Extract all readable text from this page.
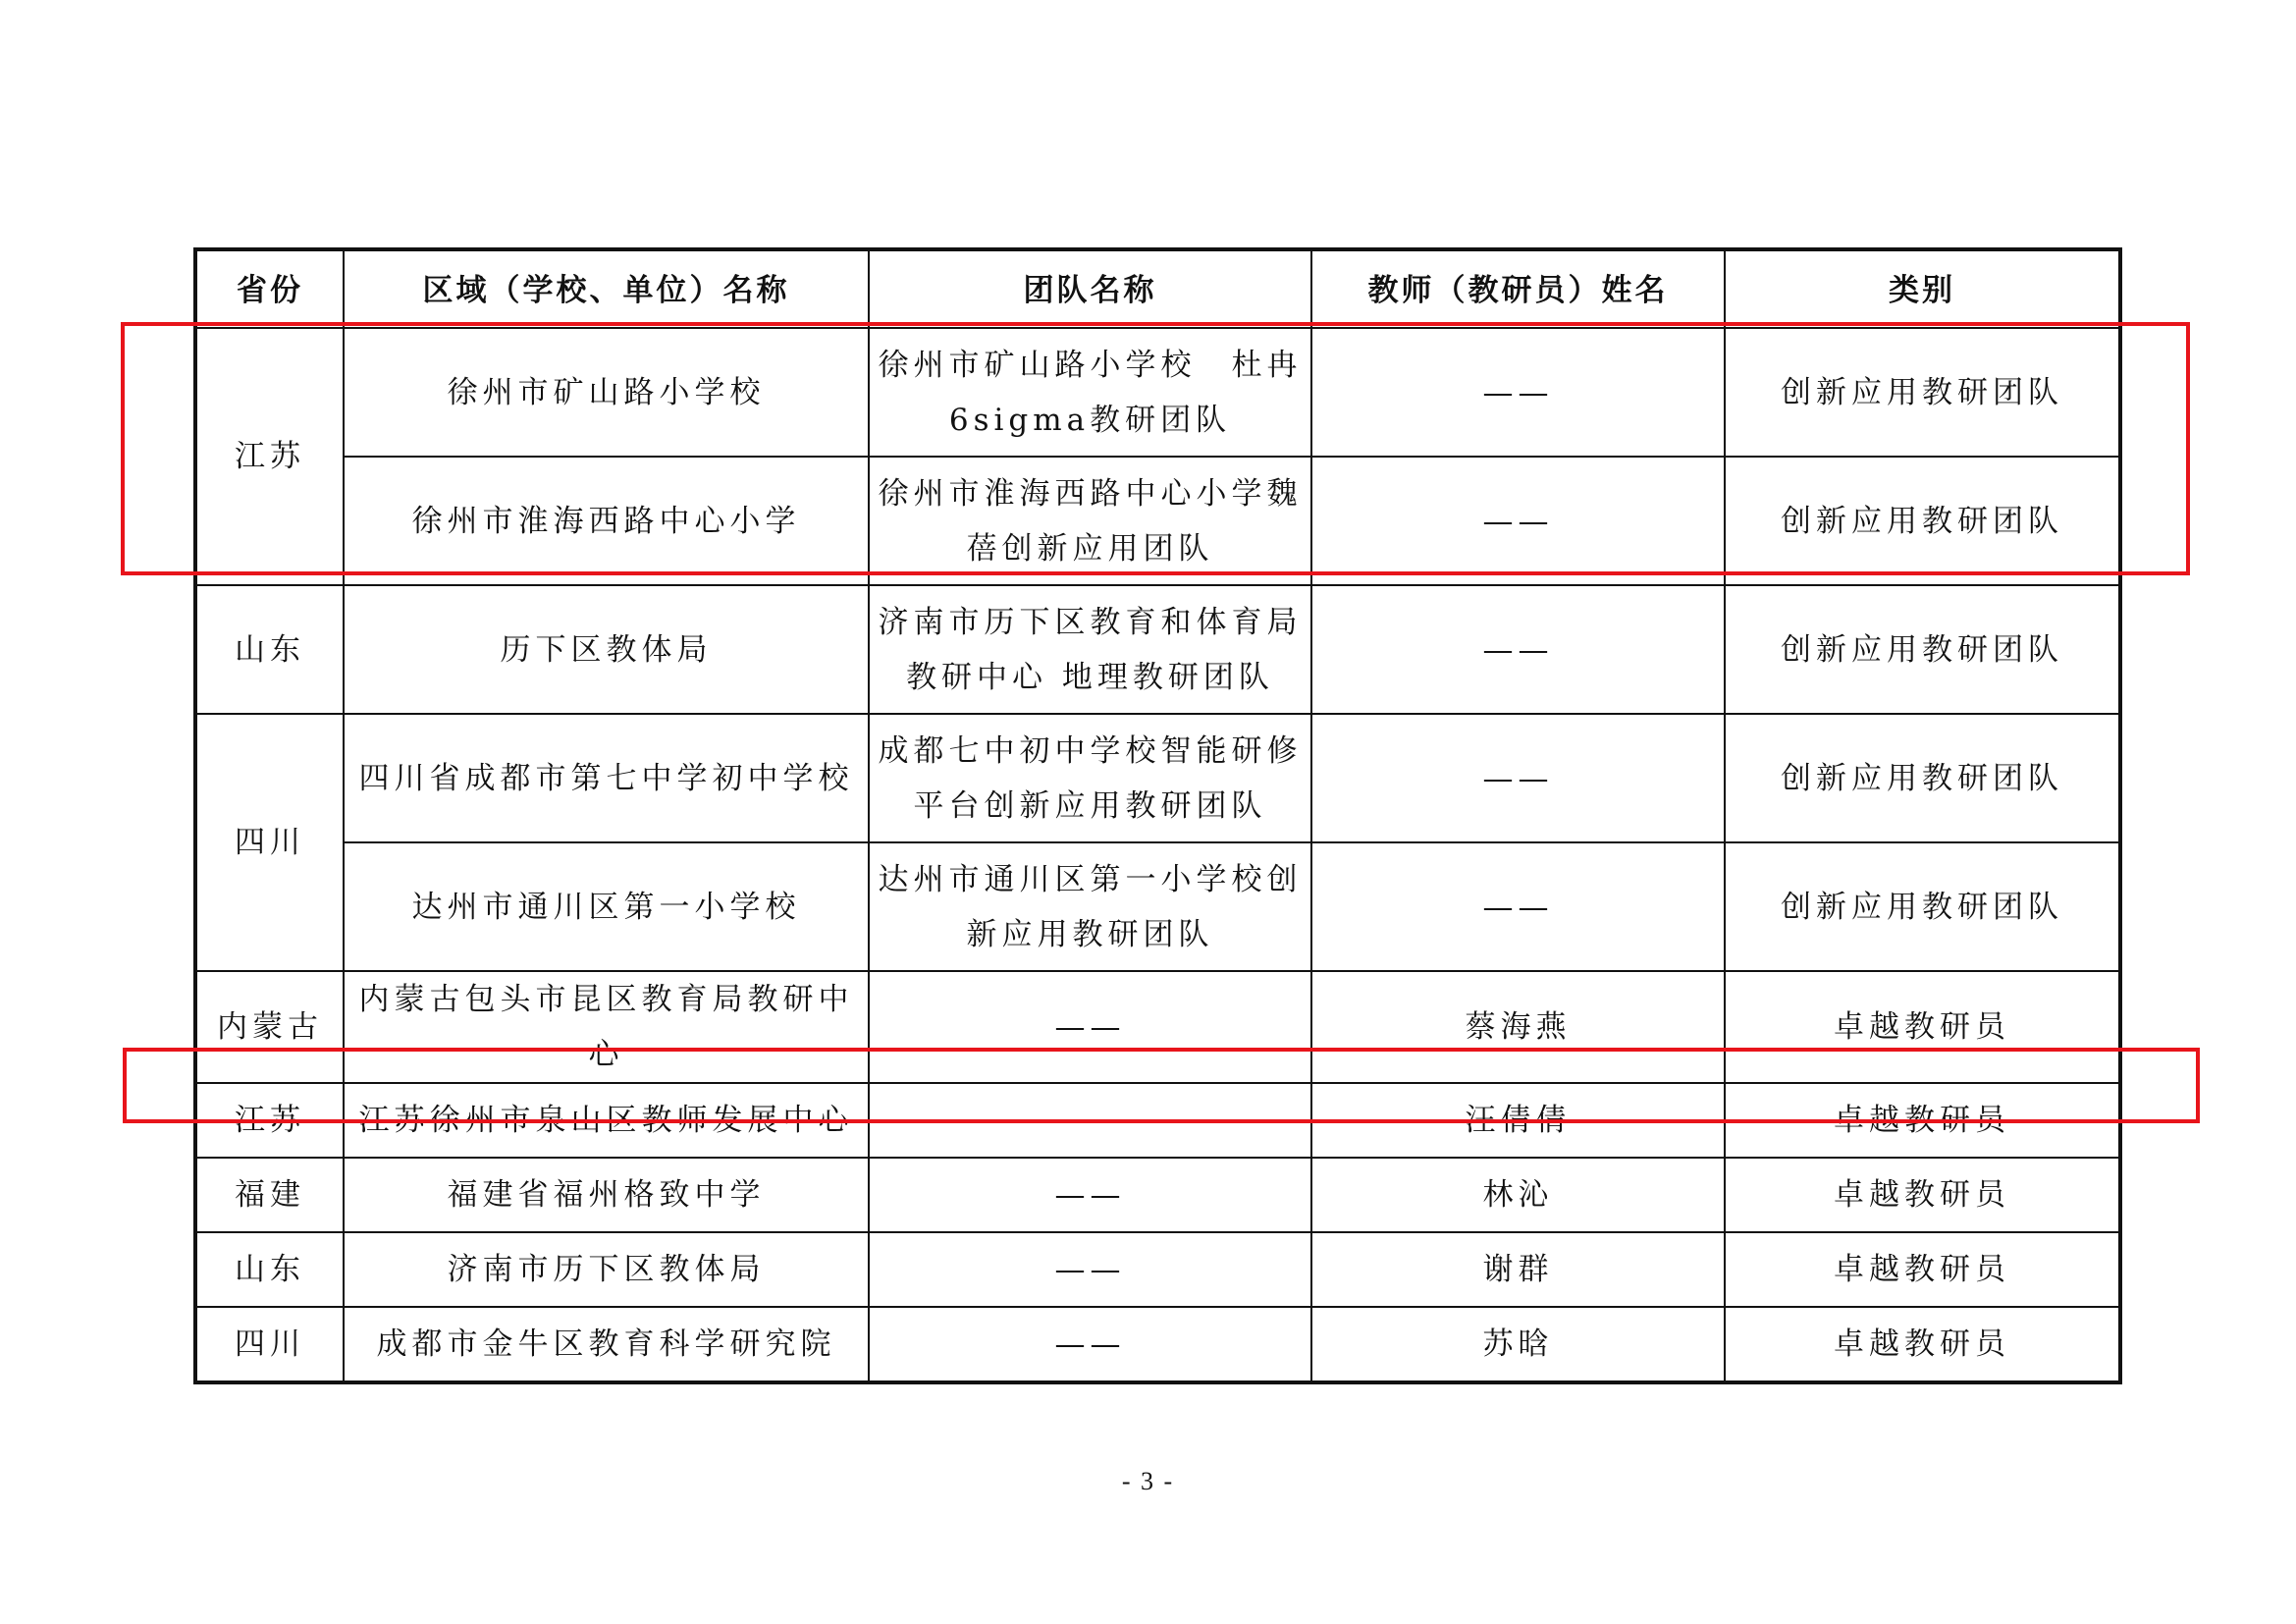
省份	区域（学校、单位）名称	团队名称	教师（教研员）姓名	类别
江苏	徐州市矿山路小学校	徐州市矿山路小学校　杜冉6sigma教研团队	——	创新应用教研团队
	徐州市淮海西路中心小学	徐州市淮海西路中心小学魏蓓创新应用团队	——	创新应用教研团队
山东	历下区教体局	济南市历下区教育和体育局教研中心 地理教研团队	——	创新应用教研团队
四川	四川省成都市第七中学初中学校	成都七中初中学校智能研修平台创新应用教研团队	——	创新应用教研团队
	达州市通川区第一小学校	达州市通川区第一小学校创新应用教研团队	——	创新应用教研团队
内蒙古	内蒙古包头市昆区教育局教研中心	——	蔡海燕	卓越教研员
江苏	江苏徐州市泉山区教师发展中心	——	汪倩倩	卓越教研员
福建	福建省福州格致中学	——	林沁	卓越教研员
山东	济南市历下区教体局	——	谢群	卓越教研员
四川	成都市金牛区教育科学研究院	——	苏晗	卓越教研员
- 3 -
